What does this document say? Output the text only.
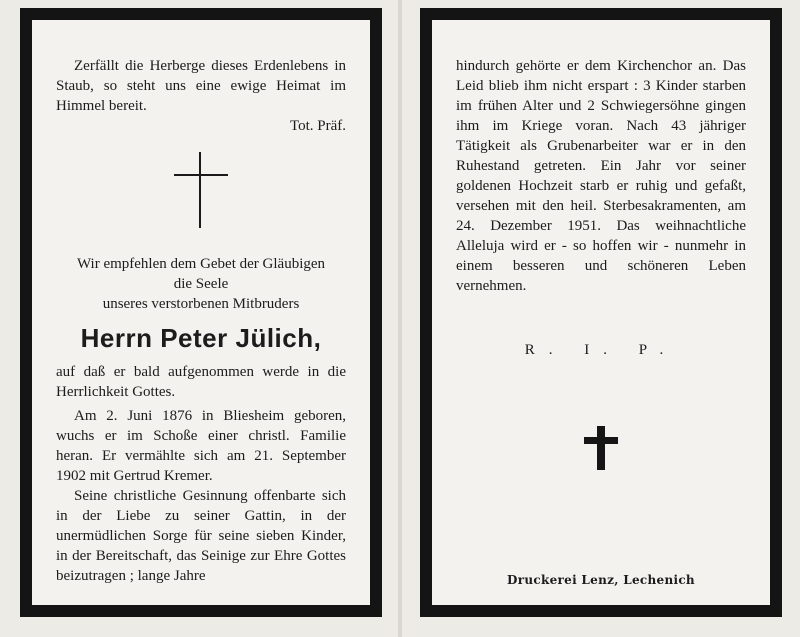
Zerfällt die Herberge dieses Erdenlebens in Staub, so steht uns eine ewige Heimat im Himmel bereit.

Tot. Präf.

Wir empfehlen dem Gebet der Gläubigen

die Seele

unseres verstorbenen Mitbruders

Herrn Peter Jülich,

auf daß er bald aufgenommen werde in die Herrlichkeit Gottes.

Am 2. Juni 1876 in Bliesheim geboren, wuchs er im Schoße einer christl. Familie heran. Er vermählte sich am 21. September 1902 mit Gertrud Kremer.

Seine christliche Gesinnung offenbarte sich in der Liebe zu seiner Gattin, in der unermüdlichen Sorge für seine sieben Kinder, in der Bereitschaft, das Seinige zur Ehre Gottes beizutragen ; lange Jahre

hindurch gehörte er dem Kirchenchor an. Das Leid blieb ihm nicht erspart : 3 Kinder starben im frühen Alter und 2 Schwiegersöhne gingen ihm im Kriege voran. Nach 43 jähriger Tätigkeit als Grubenarbeiter war er in den Ruhestand getreten. Ein Jahr vor seiner goldenen Hochzeit starb er ruhig und gefaßt, versehen mit den heil. Sterbesakramenten, am 24. Dezember 1951. Das weihnachtliche Alleluja wird er - so hoffen wir - nunmehr in einem besseren und schöneren Leben vernehmen.

R. I. P.

Druckerei Lenz, Lechenich
